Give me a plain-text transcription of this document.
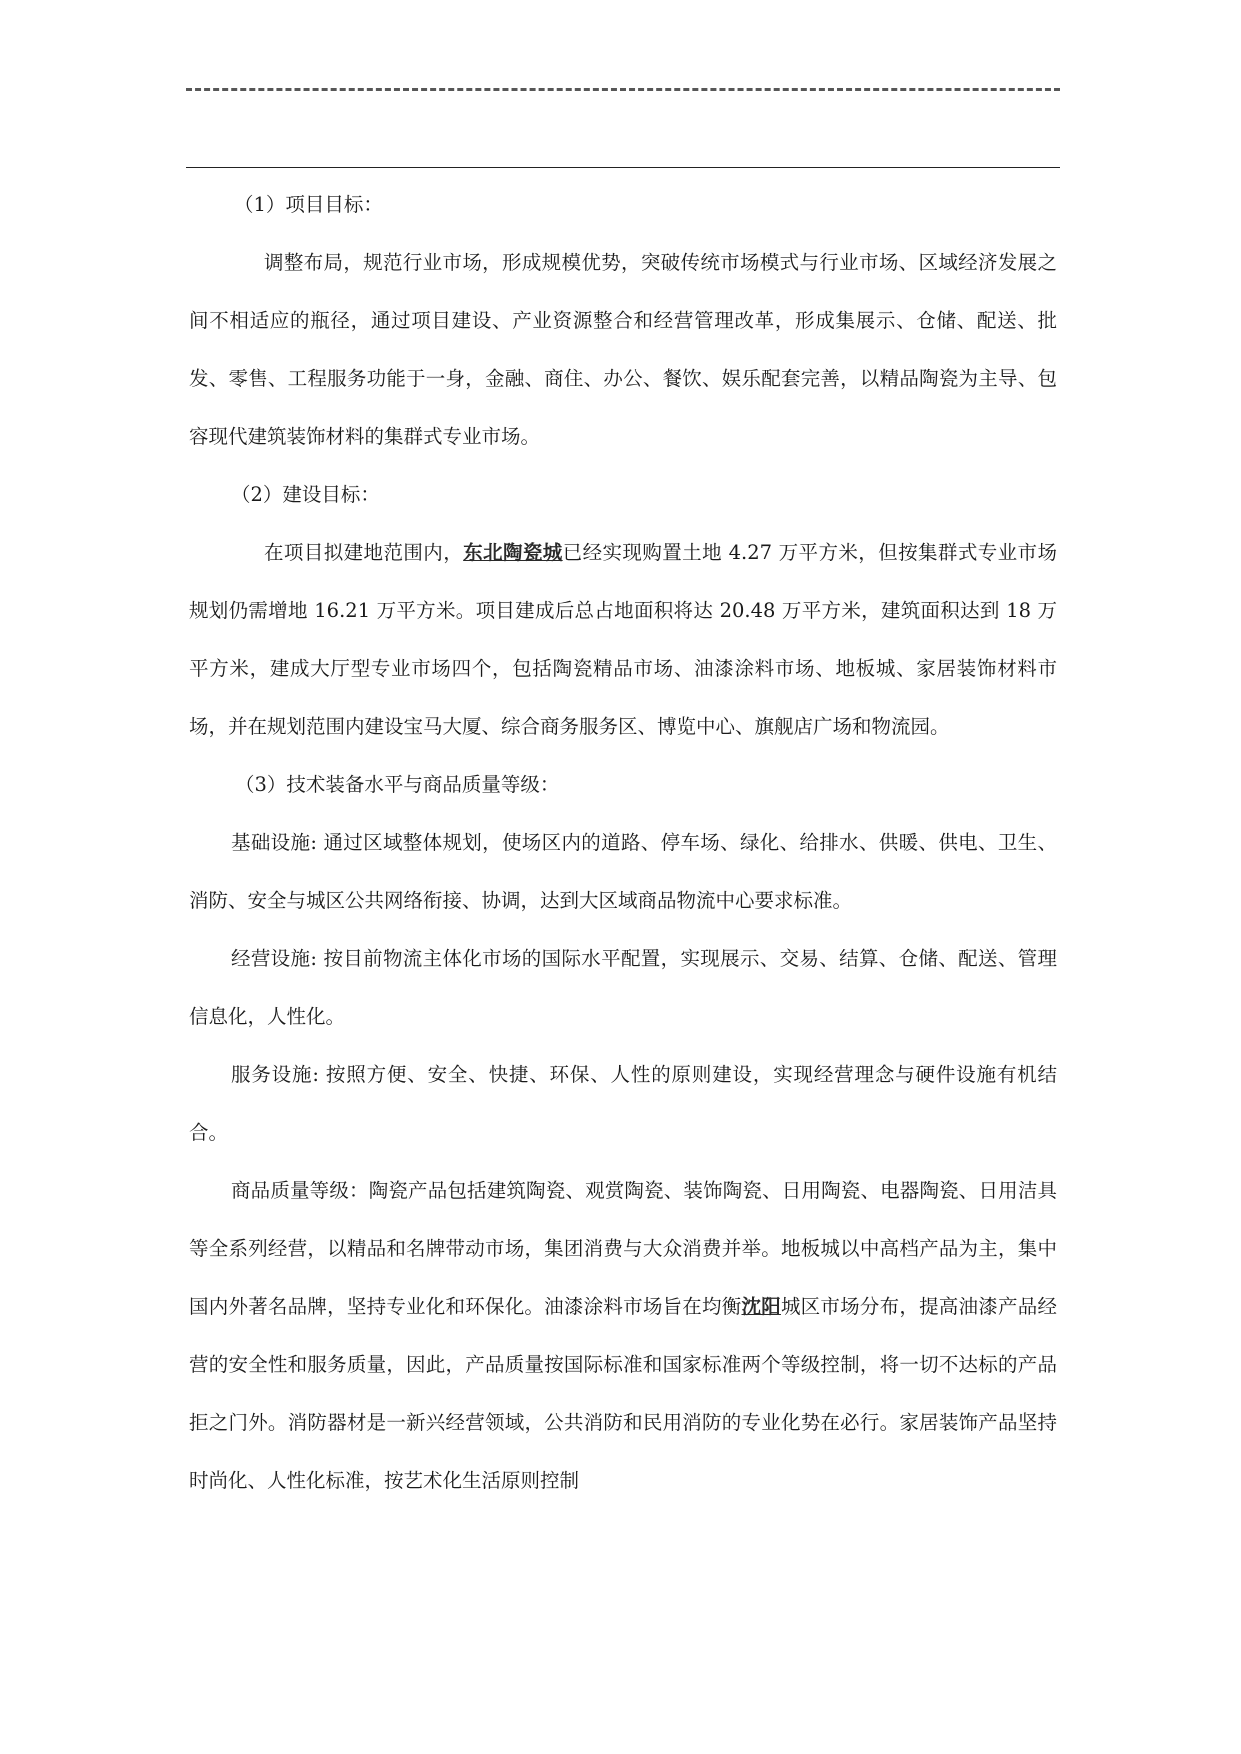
（1）项目目标：

调整布局，规范行业市场，形成规模优势，突破传统市场模式与行业市场、区域经济发展之间不相适应的瓶径，通过项目建设、产业资源整合和经营管理改革，形成集展示、仓储、配送、批发、零售、工程服务功能于一身，金融、商住、办公、餐饮、娱乐配套完善，以精品陶瓷为主导、包容现代建筑装饰材料的集群式专业市场。

（2）建设目标：

在项目拟建地范围内，东北陶瓷城已经实现购置土地 4.27 万平方米，但按集群式专业市场规划仍需增地 16.21 万平方米。项目建成后总占地面积将达 20.48 万平方米，建筑面积达到 18 万平方米，建成大厅型专业市场四个，包括陶瓷精品市场、油漆涂料市场、地板城、家居装饰材料市场，并在规划范围内建设宝马大厦、综合商务服务区、博览中心、旗舰店广场和物流园。

（3）技术装备水平与商品质量等级：

基础设施: 通过区域整体规划，使场区内的道路、停车场、绿化、给排水、供暖、供电、卫生、消防、安全与城区公共网络衔接、协调，达到大区域商品物流中心要求标准。

经营设施: 按目前物流主体化市场的国际水平配置，实现展示、交易、结算、仓储、配送、管理信息化，人性化。

服务设施: 按照方便、安全、快捷、环保、人性的原则建设，实现经营理念与硬件设施有机结合。

商品质量等级：陶瓷产品包括建筑陶瓷、观赏陶瓷、装饰陶瓷、日用陶瓷、电器陶瓷、日用洁具等全系列经营，以精品和名牌带动市场，集团消费与大众消费并举。地板城以中高档产品为主，集中国内外著名品牌，坚持专业化和环保化。油漆涂料市场旨在均衡沈阳城区市场分布，提高油漆产品经营的安全性和服务质量，因此，产品质量按国际标准和国家标准两个等级控制，将一切不达标的产品拒之门外。消防器材是一新兴经营领域，公共消防和民用消防的专业化势在必行。家居装饰产品坚持时尚化、人性化标准，按艺术化生活原则控制
